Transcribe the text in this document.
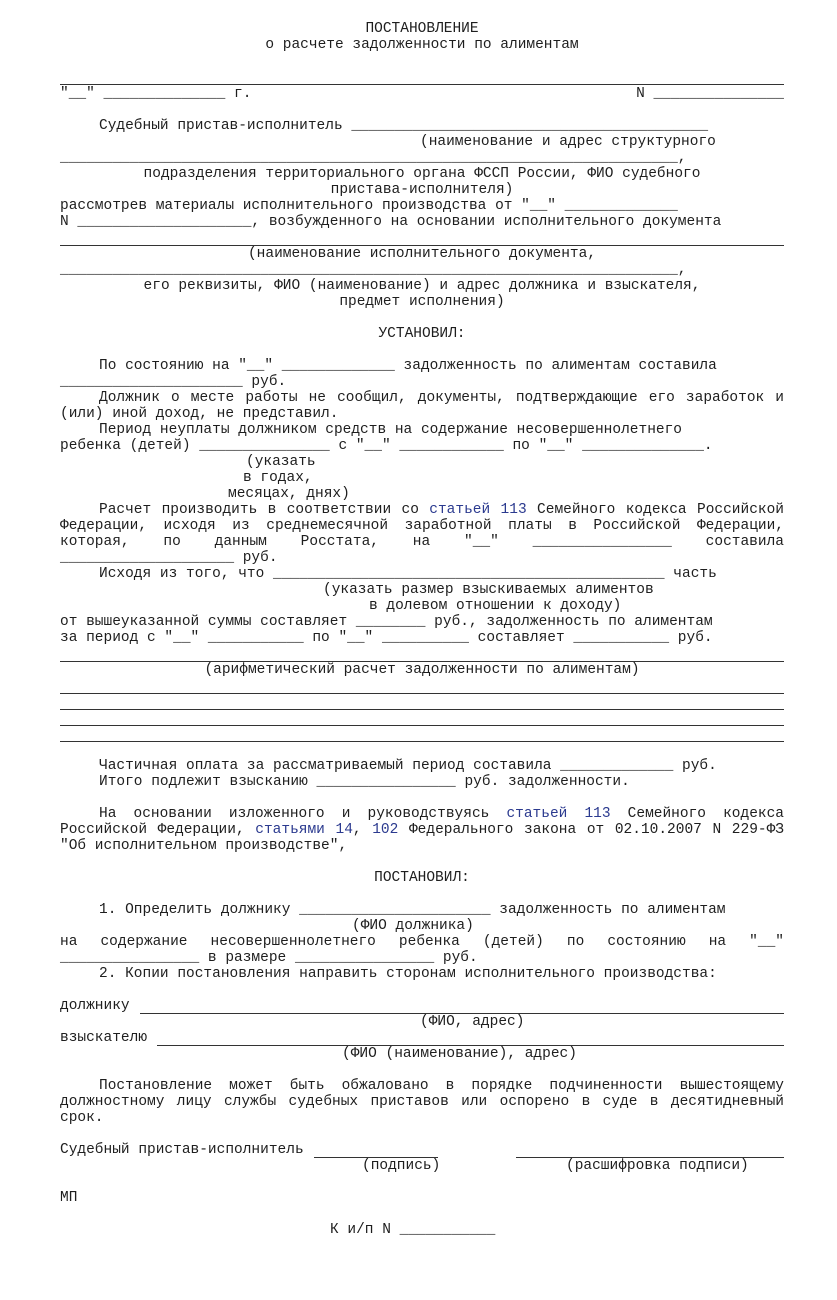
ПОСТАНОВЛЕНИЕ
о расчете задолженности по алиментам
"__" ______________ г.	N _______________
Судебный пристав-исполнитель _________________________________________
(наименование и адрес структурного
_______________________________________________________________________,
подразделения территориального органа ФССП России, ФИО судебного
пристава-исполнителя)
рассмотрев материалы исполнительного производства от "__" _____________
N ____________________, возбужденного на основании исполнительного документа
(наименование исполнительного документа,
_______________________________________________________________________,
его реквизиты, ФИО (наименование) и адрес должника и взыскателя,
предмет исполнения)
УСТАНОВИЛ:
По состоянию на "__" _____________ задолженность по алиментам составила
_____________________ руб.
Должник о месте работы не сообщил, документы, подтверждающие его заработок и (или) иной доход, не представил.
Период неуплаты должником средств на содержание несовершеннолетнего
ребенка (детей) _______________ с "__" ____________ по "__" ______________.
(указать
в годах,
месяцах, днях)
Расчет производить в соответствии со статьей 113 Семейного кодекса Российской Федерации, исходя из среднемесячной заработной платы в Российской Федерации, которая, по данным Росстата, на "__" ________________ составила ____________________ руб.
Исходя из того, что _____________________________________________ часть
(указать размер взыскиваемых алиментов
в долевом отношении к доходу)
от вышеуказанной суммы составляет ________ руб., задолженность по алиментам
за период с "__" ___________ по "__" __________ составляет ___________ руб.
(арифметический расчет задолженности по алиментам)
Частичная оплата за рассматриваемый период составила _____________ руб.
Итого подлежит взысканию ________________ руб. задолженности.
На основании изложенного и руководствуясь статьей 113 Семейного кодекса Российской Федерации, статьями 14, 102 Федерального закона от 02.10.2007 N 229-ФЗ "Об исполнительном производстве",
ПОСТАНОВИЛ:
1. Определить должнику ______________________ задолженность по алиментам
(ФИО должника)
на содержание несовершеннолетнего ребенка (детей) по состоянию на "__" ________________ в размере ________________ руб.
2. Копии постановления направить сторонам исполнительного производства:
должнику
(ФИО, адрес)
взыскателю
(ФИО (наименование), адрес)
Постановление может быть обжаловано в порядке подчиненности вышестоящему должностному лицу службы судебных приставов или оспорено в суде в десятидневный срок.
Судебный пристав-исполнитель
(подпись)	(расшифровка подписи)
МП
К и/п N ___________
